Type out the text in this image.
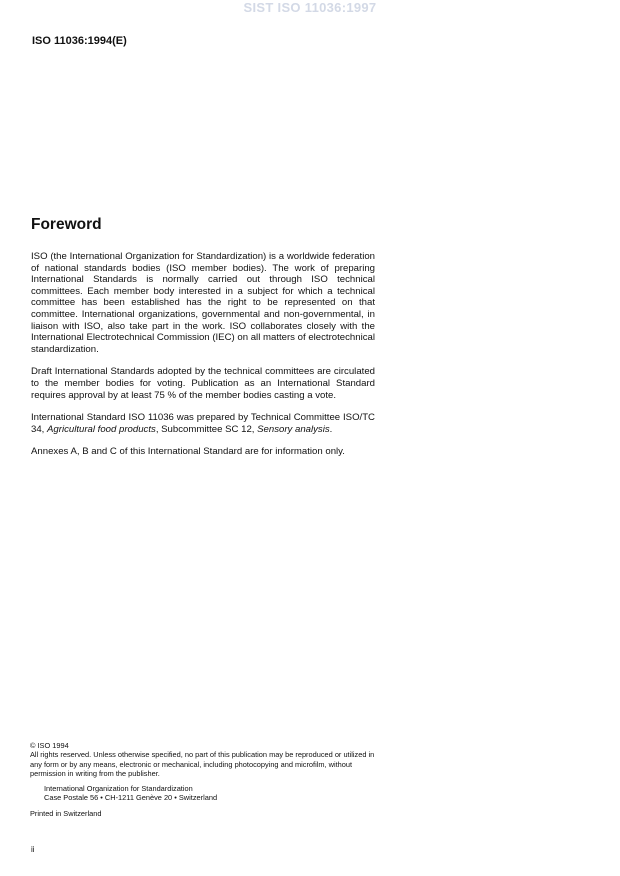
SIST ISO 11036:1997
ISO 11036:1994(E)
Foreword

ISO (the International Organization for Standardization) is a worldwide federation of national standards bodies (ISO member bodies). The work of preparing International Standards is normally carried out through ISO technical committees. Each member body interested in a subject for which a technical committee has been established has the right to be represented on that committee. International organizations, governmental and non-governmental, in liaison with ISO, also take part in the work. ISO collaborates closely with the International Electrotechnical Commission (IEC) on all matters of electrotechnical standardization.

Draft International Standards adopted by the technical committees are circulated to the member bodies for voting. Publication as an International Standard requires approval by at least 75 % of the member bodies casting a vote.

International Standard ISO 11036 was prepared by Technical Committee ISO/TC 34, Agricultural food products, Subcommittee SC 12, Sensory analysis.

Annexes A, B and C of this International Standard are for information only.

© ISO 1994

All rights reserved. Unless otherwise specified, no part of this publication may be reproduced or utilized in any form or by any means, electronic or mechanical, including photocopying and microfilm, without permission in writing from the publisher.

International Organization for Standardization
Case Postale 56 • CH-1211 Genève 20 • Switzerland

Printed in Switzerland

ii
